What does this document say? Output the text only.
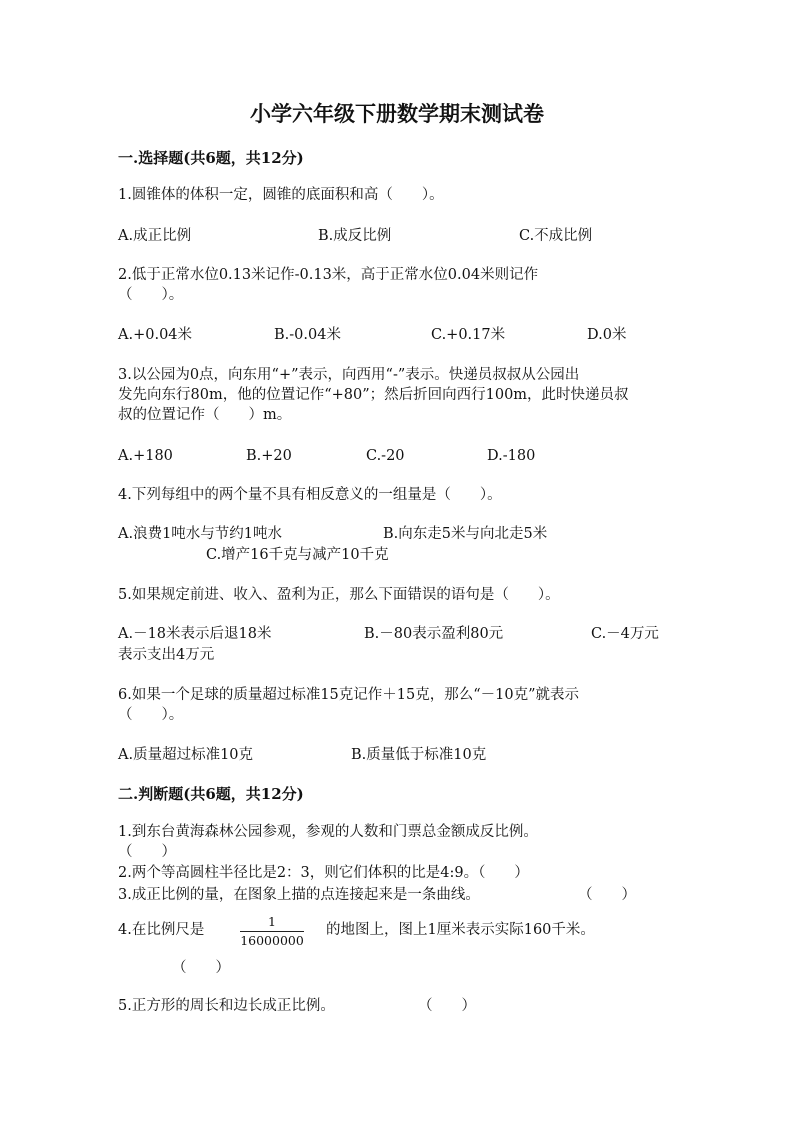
小学六年级下册数学期末测试卷
一.选择题(共6题，共12分)
1.圆锥体的体积一定，圆锥的底面积和高（　　）。
A.成正比例	B.成反比例	C.不成比例
2.低于正常水位0.13米记作-0.13米，高于正常水位0.04米则记作
（　　）。
A.+0.04米	B.-0.04米	C.+0.17米	D.0米
3.以公园为0点，向东用“+”表示，向西用“-”表示。快递员叔叔从公园出
发先向东行80m，他的位置记作“+80”；然后折回向西行100m，此时快递员叔
叔的位置记作（　　）m。
A.+180	B.+20	C.-20	D.-180
4.下列每组中的两个量不具有相反意义的一组量是（　　）。
A.浪费1吨水与节约1吨水	B.向东走5米与向北走5米
C.增产16千克与减产10千克
5.如果规定前进、收入、盈利为正，那么下面错误的语句是（　　）。
A.－18米表示后退18米	B.－80表示盈利80元	C.－4万元
表示支出4万元
6.如果一个足球的质量超过标准15克记作＋15克，那么“－10克”就表示
（　　）。
A.质量超过标准10克	B.质量低于标准10克
二.判断题(共6题，共12分)
1.到东台黄海森林公园参观，参观的人数和门票总金额成反比例。
（　　）
2.两个等高圆柱半径比是2：3，则它们体积的比是4:9。（　　）
3.成正比例的量，在图象上描的点连接起来是一条曲线。	（　　）
4.在比例尺是
1
16000000
的地图上，图上1厘米表示实际160千米。
（　　）
5.正方形的周长和边长成正比例。	（　　）
